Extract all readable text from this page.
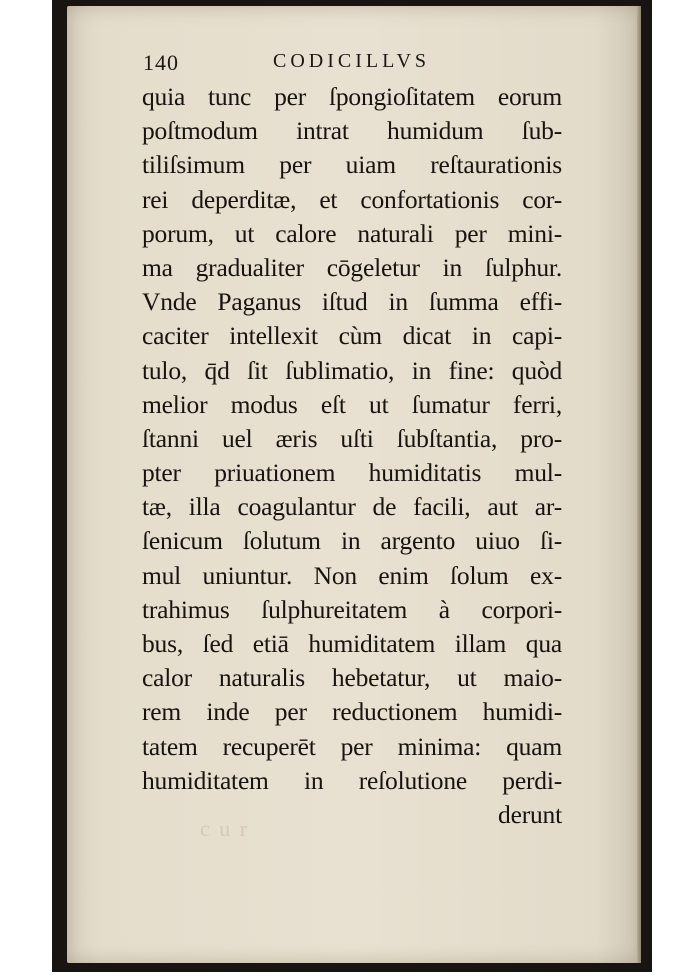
140	CODICILLVS
c u r
quia tunc per ſpongioſitatem eorum
poſtmodum intrat humidum ſub-
tiliſsimum per uiam reſtaurationis
rei deperditæ, et confortationis cor-
porum, ut calore naturali per mini-
ma gradualiter cōgeletur in ſulphur.
Vnde Paganus iſtud in ſumma effi-
caciter intellexit cùm dicat in capi-
tulo, q̄d ſit ſublimatio, in fine: quòd
melior modus eſt ut ſumatur ferri,
ſtanni uel æris uſti ſubſtantia, pro-
pter priuationem humiditatis mul-
tæ, illa coagulantur de facili, aut ar-
ſenicum ſolutum in argento uiuo ſi-
mul uniuntur. Non enim ſolum ex-
trahimus ſulphureitatem à corpori-
bus, ſed etiā humiditatem illam qua
calor naturalis hebetatur, ut maio-
rem inde per reductionem humidi-
tatem recuperēt per minima: quam
humiditatem in reſolutione perdi-
derunt
